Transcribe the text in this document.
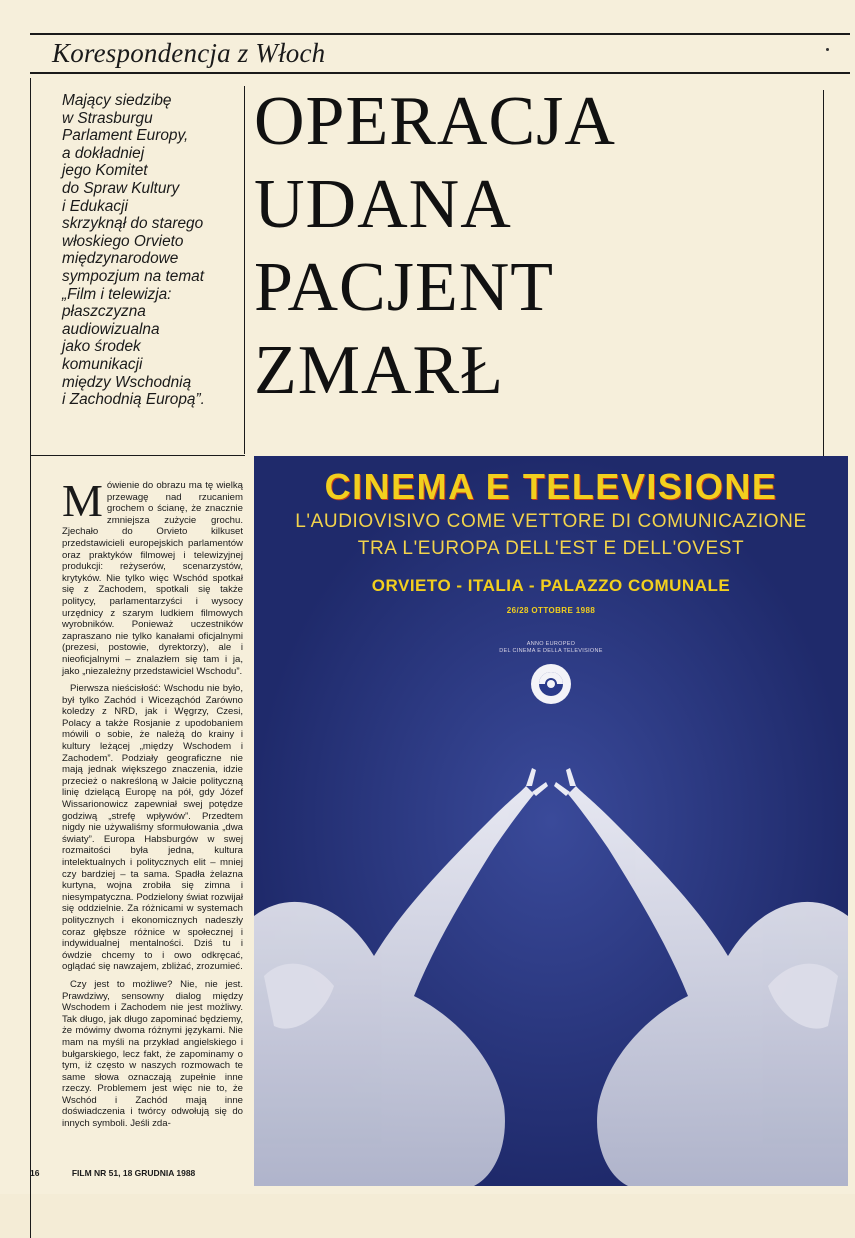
Korespondencja z Włoch
Mający siedzibę
w Strasburgu
Parlament Europy,
a dokładniej
jego Komitet
do Spraw Kultury
i Edukacji
skrzyknął do starego
włoskiego Orvieto
międzynarodowe
sympozjum na temat
„Film i telewizja:
płaszczyzna
audiowizualna
jako środek
komunikacji
między Wschodnią
i Zachodnią Europą”.
OPERACJA
UDANA
PACJENT
ZMARŁ

Mówienie do obrazu ma tę wielką przewagę nad rzucaniem grochem o ścianę, że znacznie zmniejsza zużycie grochu. Zjechało do Orvieto kilkuset przedstawicieli europejskich parlamentów oraz praktyków filmowej i telewizyjnej produkcji: reżyserów, scenarzystów, krytyków. Nie tylko więc Wschód spotkał się z Zachodem, spotkali się także politycy, parlamentarzyści i wysocy urzędnicy z szarym ludkiem filmowych wyrobników. Ponieważ uczestników zapraszano nie tylko kanałami oficjalnymi (prezesi, postowie, dyrektorzy), ale i nieoficjalnymi – znalazłem się tam i ja, jako „niezależny przedstawiciel Wschodu”.

Pierwsza nieścisłość: Wschodu nie było, był tylko Zachód i Wiceząchód Zarówno koledzy z NRD, jak i Węgrzy, Czesi, Polacy a także Rosjanie z upodobaniem mówili o sobie, że należą do krainy i kultury leżącej „między Wschodem i Zachodem”. Podziały geograficzne nie mają jednak większego znaczenia, idzie przecież o nakreśloną w Jałcie polityczną linię dzielącą Europę na pół, gdy Józef Wissarionowicz zapewniał swej potędze godziwą „strefę wpływów”. Przedtem nigdy nie używaliśmy sformułowania „dwa światy”. Europa Habsburgów w swej rozmaitości była jedna, kultura intelektualnych i politycznych elit – mniej czy bardziej – ta sama. Spadła żelazna kurtyna, wojna zrobiła się zimna i niesympatyczna. Podzielony świat rozwijał się oddzielnie. Za różnicami w systemach politycznych i ekonomicznych nadeszły coraz głębsze różnice w społecznej i indywidualnej mentalności. Dziś tu i ówdzie chcemy to i owo odkręcać, oglądać się nawzajem, zbliżać, zrozumieć.

Czy jest to możliwe? Nie, nie jest. Prawdziwy, sensowny dialog między Wschodem i Zachodem nie jest możliwy. Tak długo, jak długo zapominać będziemy, że mówimy dwoma różnymi językami. Nie mam na myśli na przykład angielskiego i bułgarskiego, lecz fakt, że zapominamy o tym, iż często w naszych rozmowach te same słowa oznaczają zupełnie inne rzeczy. Problemem jest więc nie to, że Wschód i Zachód mają inne doświadczenia i twórcy odwołują się do innych symboli. Jeśli zda-

16	FILM NR 51, 18 GRUDNIA 1988
CINEMA E TELEVISIONE
L'AUDIOVISIVO COME VETTORE DI COMUNICAZIONE
TRA L'EUROPA DELL'EST E DELL'OVEST
ORVIETO - ITALIA - PALAZZO COMUNALE
26/28 OTTOBRE 1988
ANNO EUROPEO
DEL CINEMA E DELLA TELEVISIONE
